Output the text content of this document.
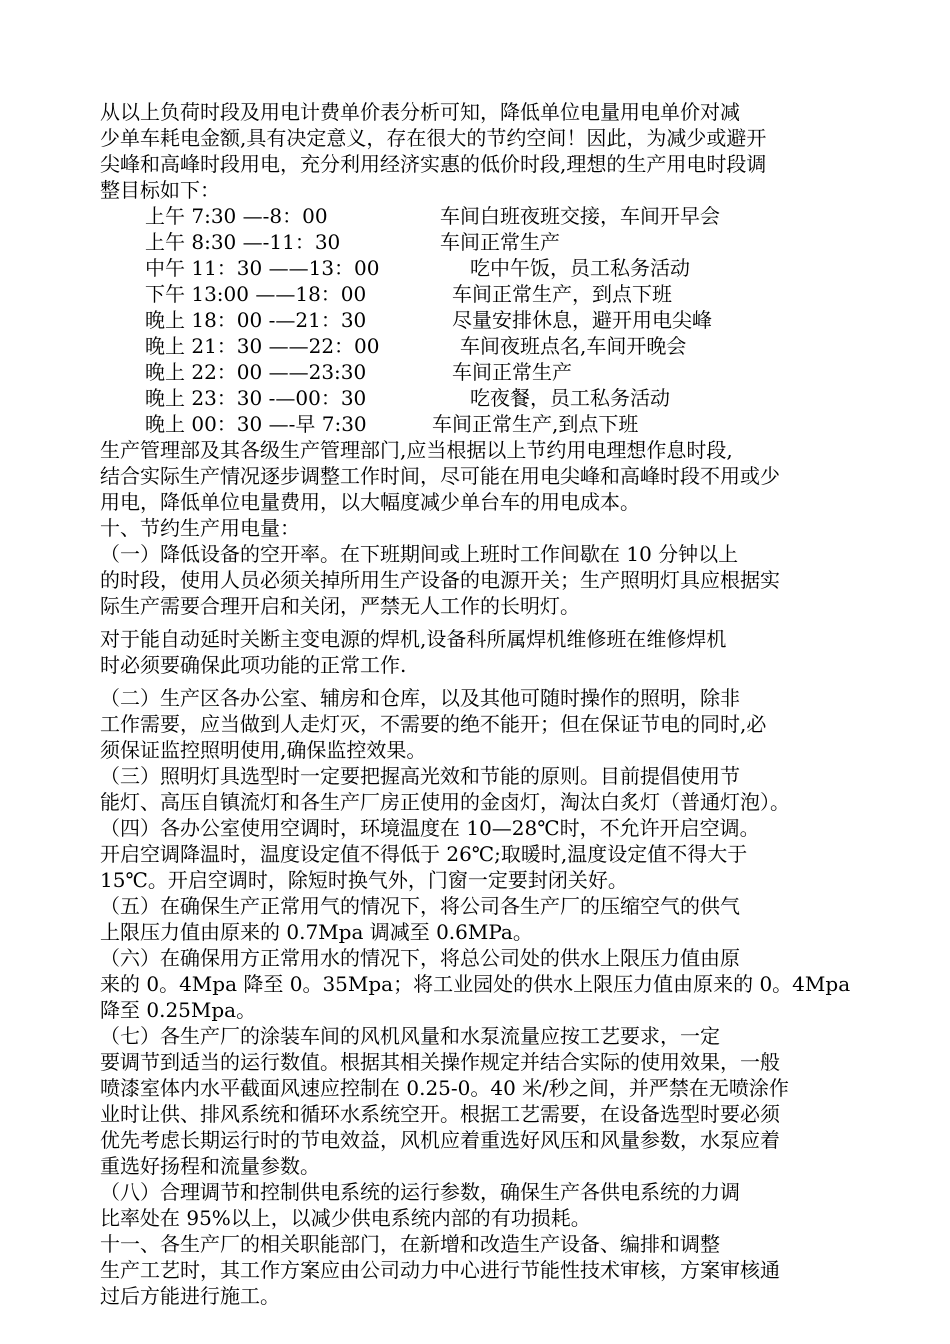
从以上负荷时段及用电计费单价表分析可知，降低单位电量用电单价对减
少单车耗电金额,具有决定意义，存在很大的节约空间！因此，为减少或避开
尖峰和高峰时段用电，充分利用经济实惠的低价时段,理想的生产用电时段调
整目标如下：
上午 7:30 —-8：00	车间白班夜班交接，车间开早会
上午 8:30 —-11：30	车间正常生产
中午 11：30 ——13：00	吃中午饭，员工私务活动
下午 13:00 ——18：00	车间正常生产，到点下班
晚上 18：00 -—21：30	尽量安排休息，避开用电尖峰
晚上 21：30 ——22：00	车间夜班点名,车间开晚会
晚上 22：00 ——23:30	车间正常生产
晚上 23：30 -—00：30	吃夜餐，员工私务活动
晚上 00：30 —-早 7:30	车间正常生产,到点下班
生产管理部及其各级生产管理部门,应当根据以上节约用电理想作息时段,
结合实际生产情况逐步调整工作时间，尽可能在用电尖峰和高峰时段不用或少
用电，降低单位电量费用，以大幅度减少单台车的用电成本。
十、节约生产用电量：
（一）降低设备的空开率。在下班期间或上班时工作间歇在 10 分钟以上
的时段，使用人员必须关掉所用生产设备的电源开关；生产照明灯具应根据实
际生产需要合理开启和关闭，严禁无人工作的长明灯。
对于能自动延时关断主变电源的焊机,设备科所属焊机维修班在维修焊机
时必须要确保此项功能的正常工作.
（二）生产区各办公室、辅房和仓库，以及其他可随时操作的照明，除非
工作需要，应当做到人走灯灭，不需要的绝不能开；但在保证节电的同时,必
须保证监控照明使用,确保监控效果。
（三）照明灯具选型时一定要把握高光效和节能的原则。目前提倡使用节
能灯、高压自镇流灯和各生产厂房正使用的金卤灯，淘汰白炙灯（普通灯泡）。
（四）各办公室使用空调时，环境温度在 10—28℃时，不允许开启空调。
开启空调降温时，温度设定值不得低于 26℃;取暖时,温度设定值不得大于
15℃。开启空调时，除短时换气外，门窗一定要封闭关好。
（五）在确保生产正常用气的情况下，将公司各生产厂的压缩空气的供气
上限压力值由原来的 0.7Mpa 调减至 0.6MPa。
（六）在确保用方正常用水的情况下，将总公司处的供水上限压力值由原
来的 0。4Mpa 降至 0。35Mpa；将工业园处的供水上限压力值由原来的 0。4Mpa
降至 0.25Mpa。
（七）各生产厂的涂装车间的风机风量和水泵流量应按工艺要求，一定
要调节到适当的运行数值。根据其相关操作规定并结合实际的使用效果，一般
喷漆室体内水平截面风速应控制在 0.25-0。40 米/秒之间，并严禁在无喷涂作
业时让供、排风系统和循环水系统空开。根据工艺需要，在设备选型时要必须
优先考虑长期运行时的节电效益，风机应着重选好风压和风量参数，水泵应着
重选好扬程和流量参数。
（八）合理调节和控制供电系统的运行参数，确保生产各供电系统的力调
比率处在 95%以上，以减少供电系统内部的有功损耗。
十一、各生产厂的相关职能部门，在新增和改造生产设备、编排和调整
生产工艺时，其工作方案应由公司动力中心进行节能性技术审核，方案审核通
过后方能进行施工。
